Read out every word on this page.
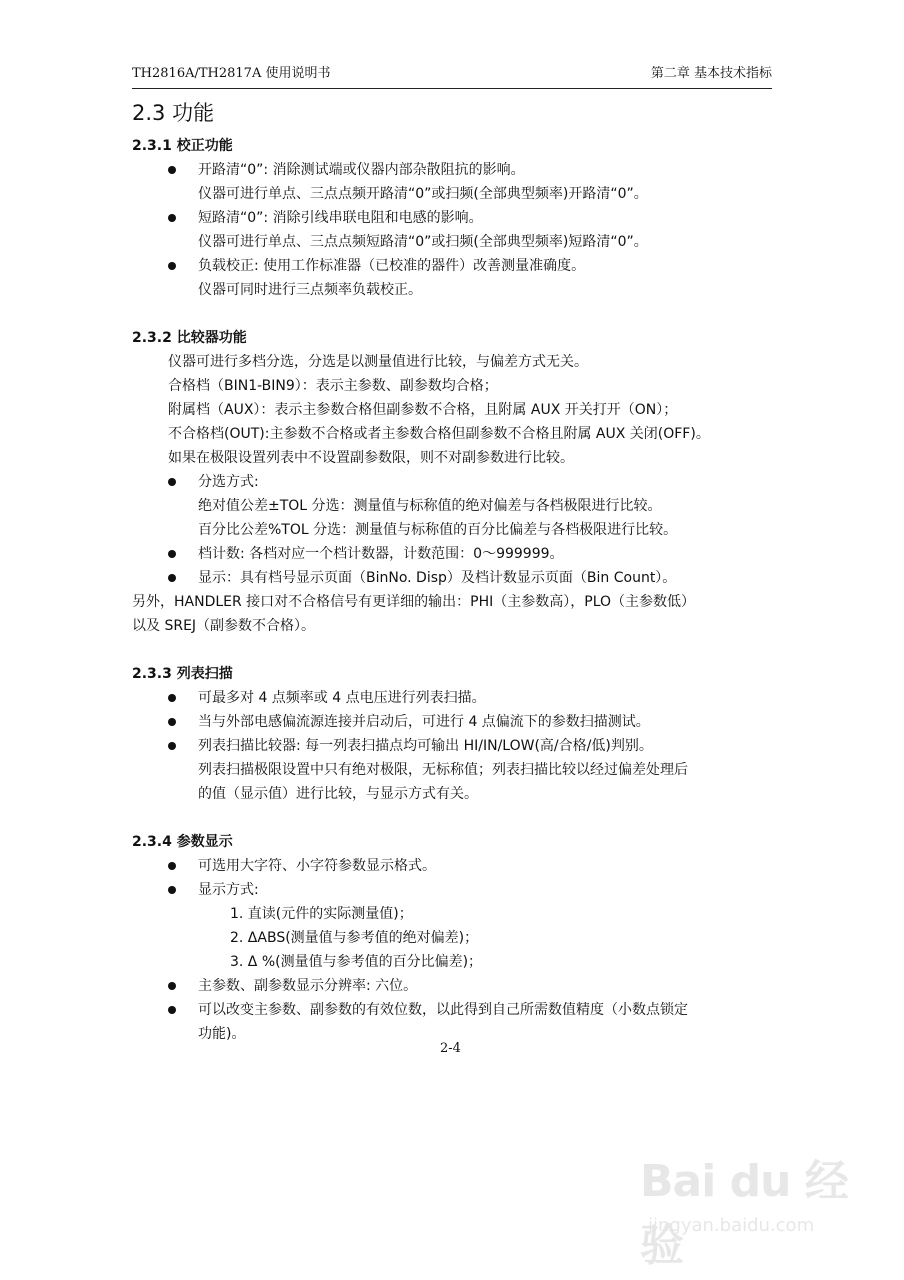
TH2816A/TH2817A 使用说明书	第二章 基本技术指标
2.3 功能
2.3.1 校正功能
开路清“0”: 消除测试端或仪器内部杂散阻抗的影响。
仪器可进行单点、三点点频开路清“0”或扫频(全部典型频率)开路清“0”。
短路清“0”: 消除引线串联电阻和电感的影响。
仪器可进行单点、三点点频短路清“0”或扫频(全部典型频率)短路清“0”。
负载校正: 使用工作标准器（已校准的器件）改善测量准确度。
仪器可同时进行三点频率负载校正。
2.3.2 比较器功能
仪器可进行多档分选，分选是以测量值进行比较，与偏差方式无关。
合格档（BIN1-BIN9）：表示主参数、副参数均合格；
附属档（AUX）：表示主参数合格但副参数不合格，且附属 AUX 开关打开（ON）；
不合格档(OUT):主参数不合格或者主参数合格但副参数不合格且附属 AUX 关闭(OFF)。
如果在极限设置列表中不设置副参数限，则不对副参数进行比较。
分选方式:
绝对值公差±TOL 分选：测量值与标称值的绝对偏差与各档极限进行比较。
百分比公差%TOL 分选：测量值与标称值的百分比偏差与各档极限进行比较。
档计数: 各档对应一个档计数器，计数范围：0～999999。
显示：具有档号显示页面（BinNo. Disp）及档计数显示页面（Bin Count）。
另外，HANDLER 接口对不合格信号有更详细的输出：PHI（主参数高），PLO（主参数低）
以及 SREJ（副参数不合格）。
2.3.3 列表扫描
可最多对 4 点频率或 4 点电压进行列表扫描。
当与外部电感偏流源连接并启动后，可进行 4 点偏流下的参数扫描测试。
列表扫描比较器: 每一列表扫描点均可输出 HI/IN/LOW(高/合格/低)判别。
列表扫描极限设置中只有绝对极限，无标称值；列表扫描比较以经过偏差处理后
的值（显示值）进行比较，与显示方式有关。
2.3.4 参数显示
可选用大字符、小字符参数显示格式。
显示方式:
1. 直读(元件的实际测量值)；
2. ΔABS(测量值与参考值的绝对偏差)；
3. Δ %(测量值与参考值的百分比偏差)；
主参数、副参数显示分辨率: 六位。
可以改变主参数、副参数的有效位数，以此得到自己所需数值精度（小数点锁定
功能)。
2-4
Bai du 经验
jingyan.baidu.com
